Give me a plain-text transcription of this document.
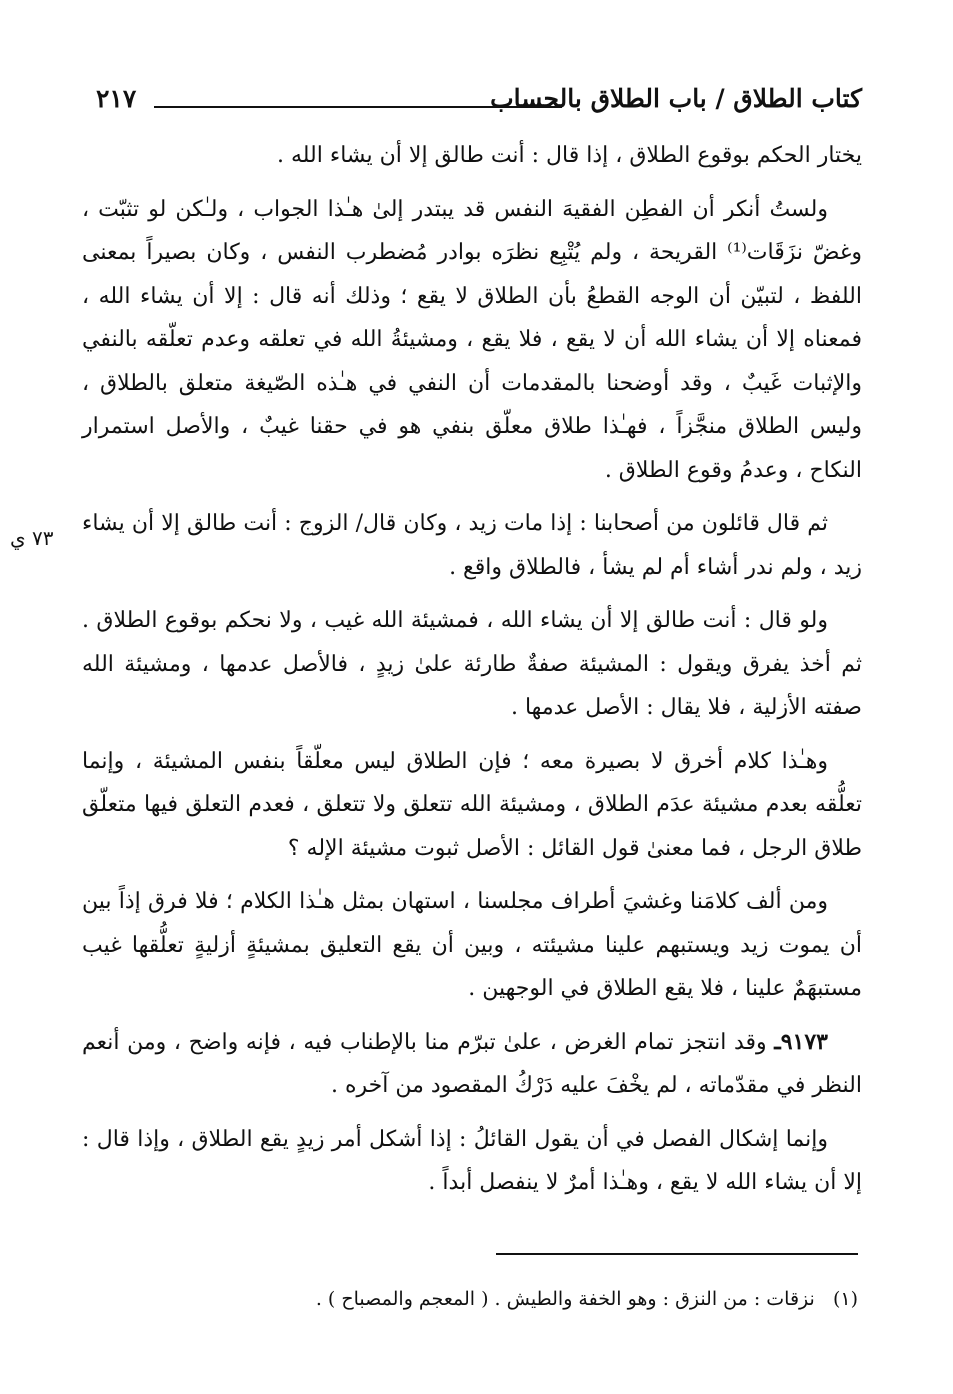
كتاب الطلاق / باب الطلاق بالحساب
٢١٧
٧٣ ي

يختار الحكم بوقوع الطلاق ، إذا قال : أنت طالق إلا أن يشاء الله .

ولستُ أنكر أن الفطِن الفقيهَ النفس قد يبتدر إلىٰ هـٰذا الجواب ، ولـٰكن لو تثبّت ، وغضّ نزَقَات⁽¹⁾ القريحة ، ولم يُتْبِع نظرَه بوادر مُضطرب النفس ، وكان بصيراً بمعنى اللفظ ، لتبيّن أن الوجه القطعُ بأن الطلاق لا يقع ؛ وذلك أنه قال : إلا أن يشاء الله ، فمعناه إلا أن يشاء الله أن لا يقع ، فلا يقع ، ومشيئةُ الله في تعلقه وعدم تعلّقه بالنفي والإثبات غَيبٌ ، وقد أوضحنا بالمقدمات أن النفي في هـٰذه الصّيغة متعلق بالطلاق ، وليس الطلاق منجَّزاً ، فهـٰذا طلاق معلّق بنفي هو في حقنا غيبٌ ، والأصل استمرار النكاح ، وعدمُ وقوع الطلاق .

ثم قال قائلون من أصحابنا : إذا مات زيد ، وكان قال/ الزوج : أنت طالق إلا أن يشاء زيد ، ولم ندر أشاء أم لم يشأ ، فالطلاق واقع .

ولو قال : أنت طالق إلا أن يشاء الله ، فمشيئة الله غيب ، ولا نحكم بوقوع الطلاق . ثم أخذ يفرق ويقول : المشيئة صفةٌ طارئة علىٰ زيدٍ ، فالأصل عدمها ، ومشيئة الله صفته الأزلية ، فلا يقال : الأصل عدمها .

وهـٰذا كلام أخرق لا بصيرة معه ؛ فإن الطلاق ليس معلّقاً بنفس المشيئة ، وإنما تعلُّقه بعدم مشيئة عدَم الطلاق ، ومشيئة الله تتعلق ولا تتعلق ، فعدم التعلق فيها متعلّق طلاق الرجل ، فما معنىٰ قول القائل : الأصل ثبوت مشيئة الإله ؟

ومن ألف كلامَنا وغشيَ أطراف مجلسنا ، استهان بمثل هـٰذا الكلام ؛ فلا فرق إذاً بين أن يموت زيد ويستبهم علينا مشيئته ، وبين أن يقع التعليق بمشيئةٍ أزليةٍ تعلُّقها غيب مستبهَمٌ علينا ، فلا يقع الطلاق في الوجهين .

٩١٧٣ـ وقد انتجز تمام الغرض ، علىٰ تبرّم منا بالإطناب فيه ، فإنه واضح ، ومن أنعم النظر في مقدّماته ، لم يخْفَ عليه دَرْكُ المقصود من آخره .

وإنما إشكال الفصل في أن يقول القائلُ : إذا أشكل أمر زيدٍ يقع الطلاق ، وإذا قال : إلا أن يشاء الله لا يقع ، وهـٰذا أمرٌ لا ينفصل أبداً .

(١)   نزقات : من النزق : وهو الخفة والطيش . ( المعجم والمصباح ) .
